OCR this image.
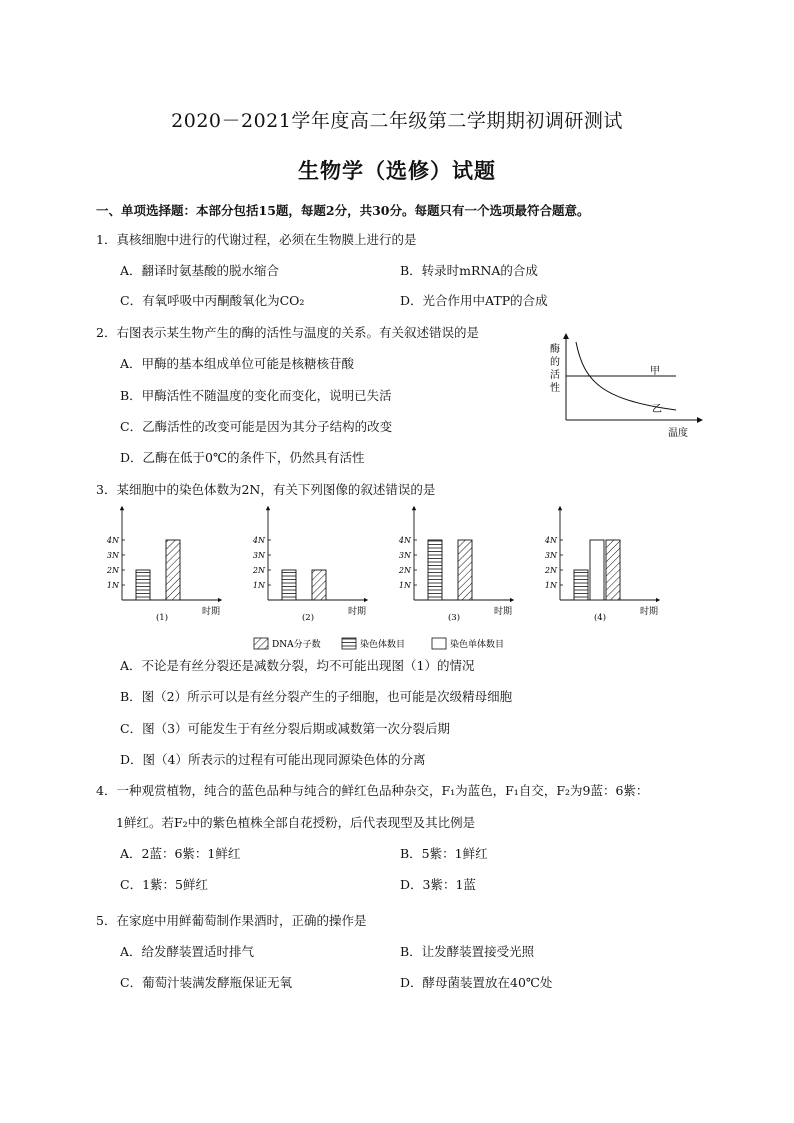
2020－2021学年度高二年级第二学期期初调研测试
生物学（选修）试题
一、单项选择题：本部分包括15题，每题2分，共30分。每题只有一个选项最符合题意。
1．真核细胞中进行的代谢过程，必须在生物膜上进行的是
A．翻译时氨基酸的脱水缩合	B．转录时mRNA的合成
C．有氧呼吸中丙酮酸氧化为CO₂	D．光合作用中ATP的合成
2．右图表示某生物产生的酶的活性与温度的关系。有关叙述错误的是
A．甲酶的基本组成单位可能是核糖核苷酸
B．甲酶活性不随温度的变化而变化，说明已失活
C．乙酶活性的改变可能是因为其分子结构的改变
D．乙酶在低于0℃的条件下，仍然具有活性
酶
的
活
性
甲
乙
温度
3．某细胞中的染色体数为2N，有关下列图像的叙述错误的是
4N
3N
2N
1N
(1)
时期
4N
3N
2N
1N
(2)
时期
4N
3N
2N
1N
(3)
时期
4N
3N
2N
1N
(4)
时期
DNA分子数	染色体数目	染色单体数目
A．不论是有丝分裂还是减数分裂，均不可能出现图（1）的情况
B．图（2）所示可以是有丝分裂产生的子细胞，也可能是次级精母细胞
C．图（3）可能发生于有丝分裂后期或减数第一次分裂后期
D．图（4）所表示的过程有可能出现同源染色体的分离
4．一种观赏植物，纯合的蓝色品种与纯合的鲜红色品种杂交，F₁为蓝色，F₁自交，F₂为9蓝：6紫：
1鲜红。若F₂中的紫色植株全部自花授粉，后代表现型及其比例是
A．2蓝：6紫：1鲜红	B．5紫：1鲜红
C．1紫：5鲜红	D．3紫：1蓝
5．在家庭中用鲜葡萄制作果酒时，正确的操作是
A．给发酵装置适时排气	B．让发酵装置接受光照
C．葡萄汁装满发酵瓶保证无氧	D．酵母菌装置放在40℃处
